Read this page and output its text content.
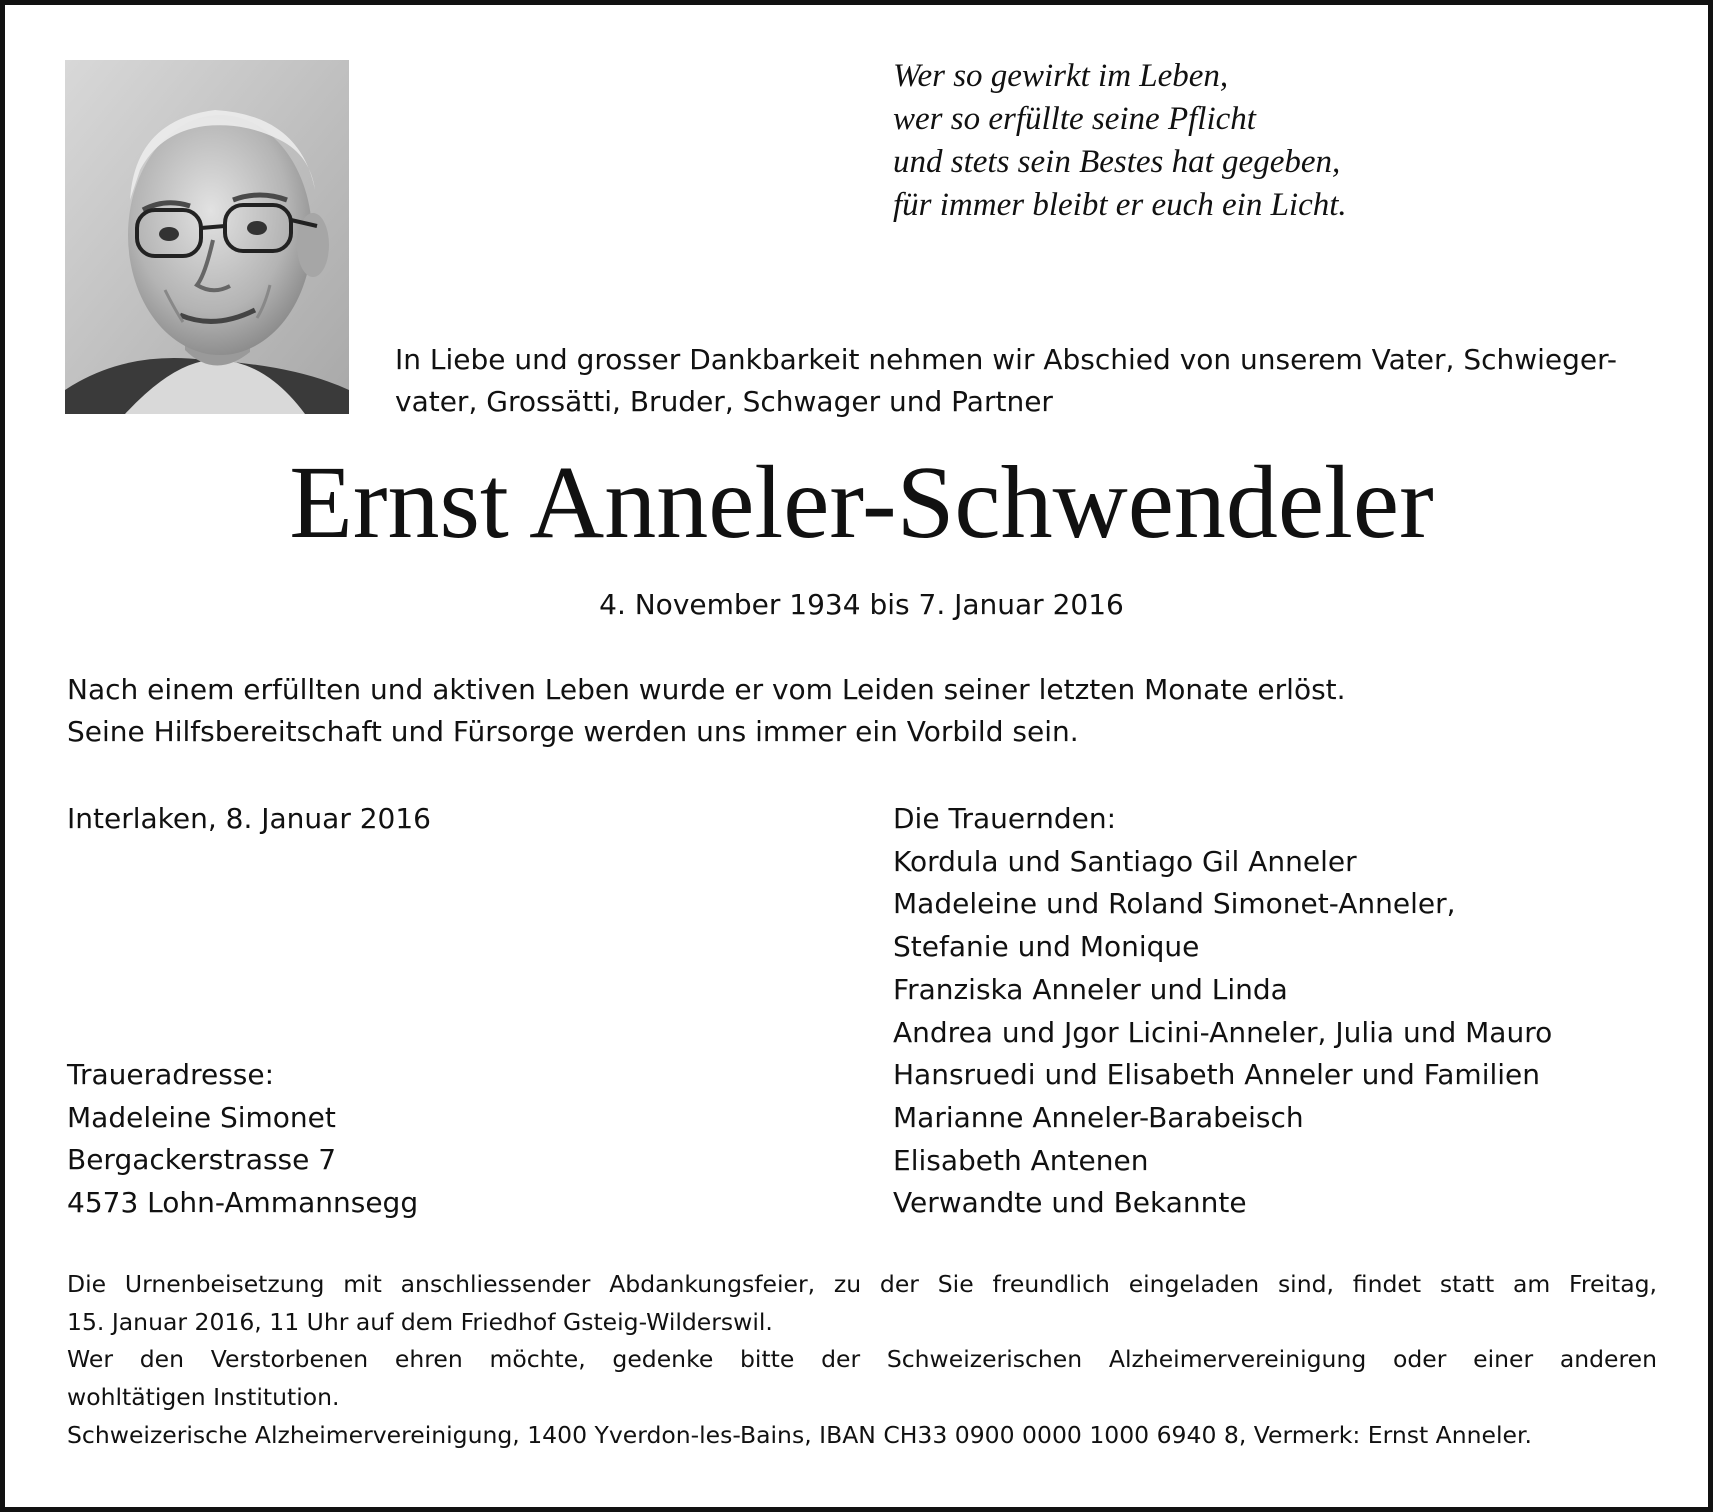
Wer so gewirkt im Leben,
wer so erfüllte seine Pflicht
und stets sein Bestes hat gegeben,
für immer bleibt er euch ein Licht.
In Liebe und grosser Dankbarkeit nehmen wir Abschied von unserem Vater, Schwieger-
vater, Grossätti, Bruder, Schwager und Partner
Ernst Anneler-Schwendeler
4. November 1934 bis 7. Januar 2016
Nach einem erfüllten und aktiven Leben wurde er vom Leiden seiner letzten Monate erlöst.
Seine Hilfsbereitschaft und Fürsorge werden uns immer ein Vorbild sein.
Interlaken, 8. Januar 2016	Die Trauernden:
Kordula und Santiago Gil Anneler
Madeleine und Roland Simonet-Anneler,
Stefanie und Monique
Franziska Anneler und Linda
Andrea und Jgor Licini-Anneler, Julia und Mauro
Hansruedi und Elisabeth Anneler und Familien
Marianne Anneler-Barabeisch
Elisabeth Antenen
Verwandte und Bekannte
Traueradresse:
Madeleine Simonet
Bergackerstrasse 7
4573 Lohn-Ammannsegg
Die Urnenbeisetzung mit anschliessender Abdankungsfeier, zu der Sie freundlich eingeladen sind, findet statt am Freitag,
15. Januar 2016, 11 Uhr auf dem Friedhof Gsteig-Wilderswil.
Wer den Verstorbenen ehren möchte, gedenke bitte der Schweizerischen Alzheimervereinigung oder einer anderen
wohltätigen Institution.
Schweizerische Alzheimervereinigung, 1400 Yverdon-les-Bains, IBAN CH33 0900 0000 1000 6940 8, Vermerk: Ernst Anneler.
